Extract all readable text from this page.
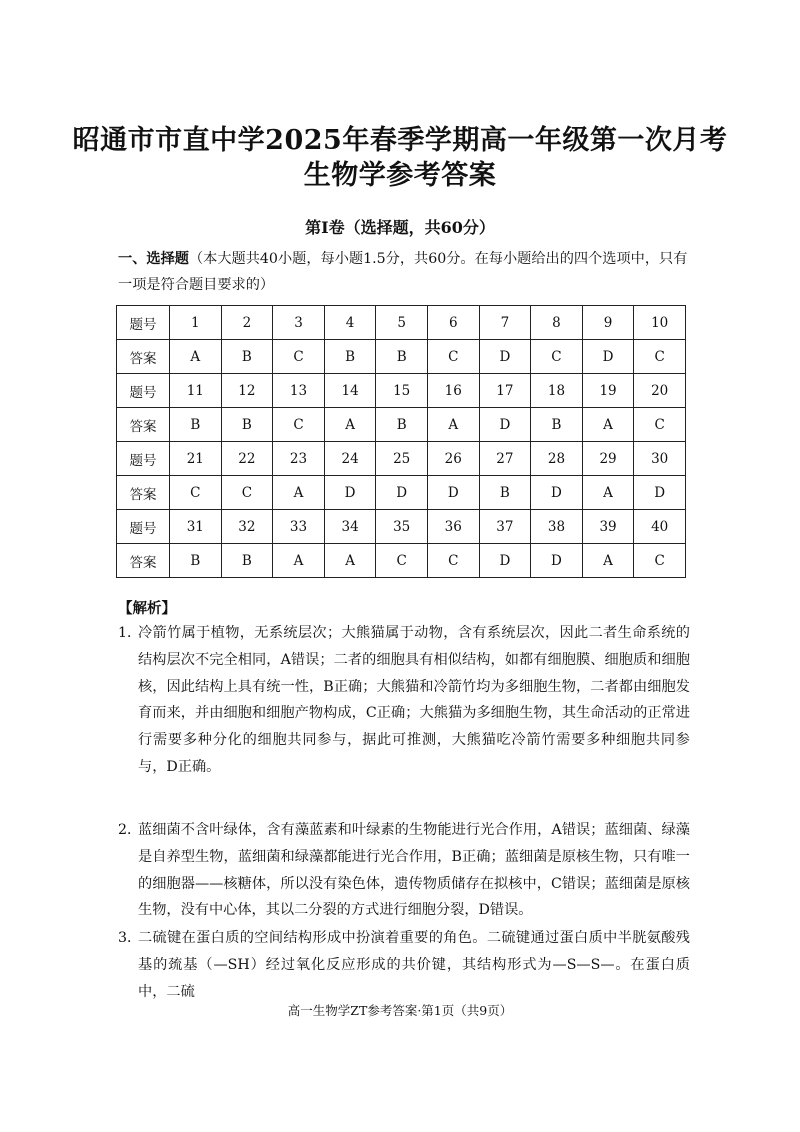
昭通市市直中学2025年春季学期高一年级第一次月考
生物学参考答案
第Ⅰ卷（选择题，共60分）
一、选择题（本大题共40小题，每小题1.5分，共60分。在每小题给出的四个选项中，只有一项是符合题目要求的）
题号	1	2	3	4	5	6	7	8	9	10
答案	A	B	C	B	B	C	D	C	D	C
题号	11	12	13	14	15	16	17	18	19	20
答案	B	B	C	A	B	A	D	B	A	C
题号	21	22	23	24	25	26	27	28	29	30
答案	C	C	A	D	D	D	B	D	A	D
题号	31	32	33	34	35	36	37	38	39	40
答案	B	B	A	A	C	C	D	D	A	C
【解析】
1．
冷箭竹属于植物，无系统层次；大熊猫属于动物，含有系统层次，因此二者生命系统的结构层次不完全相同，A错误；二者的细胞具有相似结构，如都有细胞膜、细胞质和细胞核，因此结构上具有统一性，B正确；大熊猫和冷箭竹均为多细胞生物，二者都由细胞发育而来，并由细胞和细胞产物构成，C正确；大熊猫为多细胞生物，其生命活动的正常进行需要多种分化的细胞共同参与，据此可推测，大熊猫吃冷箭竹需要多种细胞共同参与，D正确。
2．
蓝细菌不含叶绿体，含有藻蓝素和叶绿素的生物能进行光合作用，A错误；蓝细菌、绿藻是自养型生物，蓝细菌和绿藻都能进行光合作用，B正确；蓝细菌是原核生物，只有唯一的细胞器——核糖体，所以没有染色体，遗传物质储存在拟核中，C错误；蓝细菌是原核生物，没有中心体，其以二分裂的方式进行细胞分裂，D错误。
3．
二硫键在蛋白质的空间结构形成中扮演着重要的角色。二硫键通过蛋白质中半胱氨酸残基的巯基（—SH）经过氧化反应形成的共价键，其结构形式为—S—S—。在蛋白质中，二硫
高一生物学ZT参考答案·第1页（共9页）
